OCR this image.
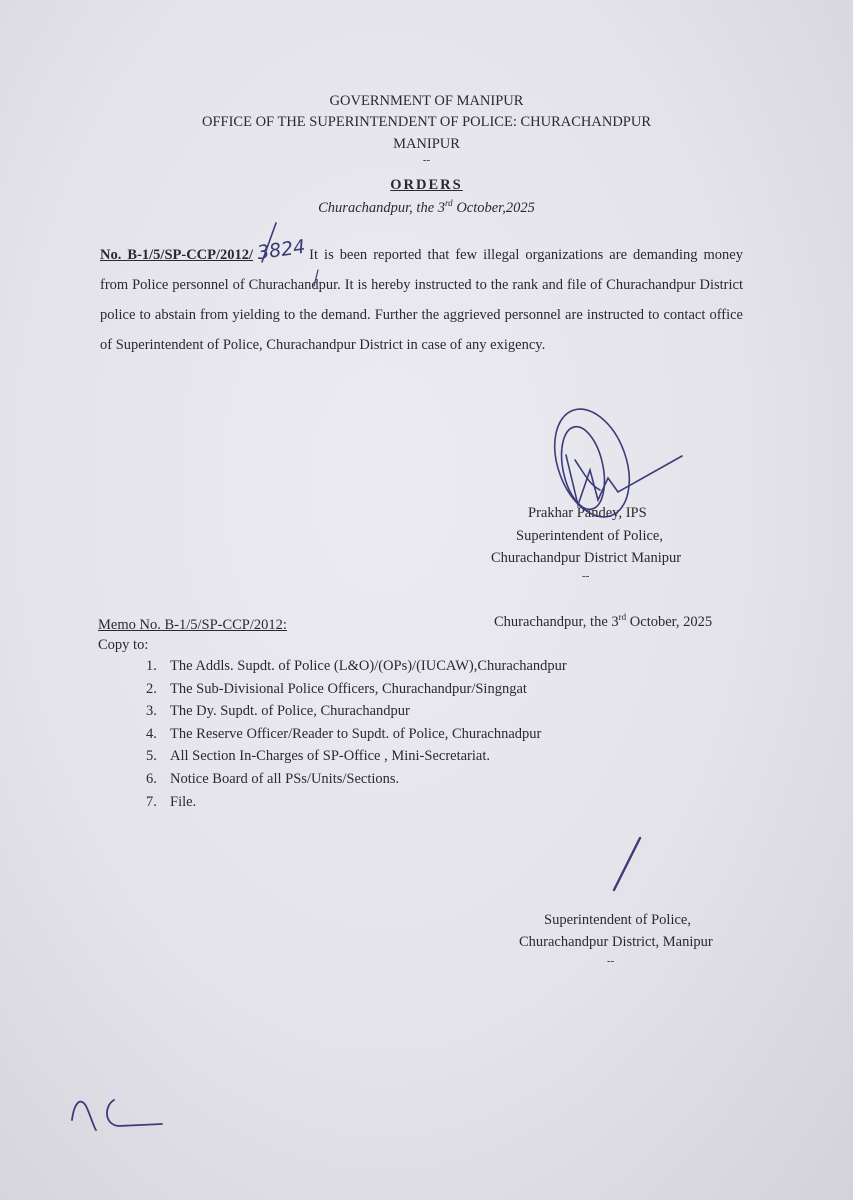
GOVERNMENT OF MANIPUR
OFFICE OF THE SUPERINTENDENT OF POLICE: CHURACHANDPUR
MANIPUR
--
ORDERS
Churachandpur, the 3rd October,2025
No. B-1/5/SP-CCP/2012/ 3824 It is been reported that few illegal organizations are demanding money from Police personnel of Churachandpur. It is hereby instructed to the rank and file of Churachandpur District police to abstain from yielding to the demand. Further the aggrieved personnel are instructed to contact office of Superintendent of Police, Churachandpur District in case of any exigency.
Prakhar Pandey, IPS
Superintendent of Police,
Churachandpur District Manipur
--
Memo No. B-1/5/SP-CCP/2012:	Churachandpur, the 3rd October, 2025
Copy to:
1. The Addls. Supdt. of Police (L&O)/(OPs)/(IUCAW),Churachandpur
2. The Sub-Divisional Police Officers, Churachandpur/Singngat
3. The Dy. Supdt. of Police, Churachandpur
4. The Reserve Officer/Reader to Supdt. of Police, Churachnadpur
5. All Section In-Charges of SP-Office , Mini-Secretariat.
6. Notice Board of all PSs/Units/Sections.
7. File.
Superintendent of Police,
Churachandpur District, Manipur
--
